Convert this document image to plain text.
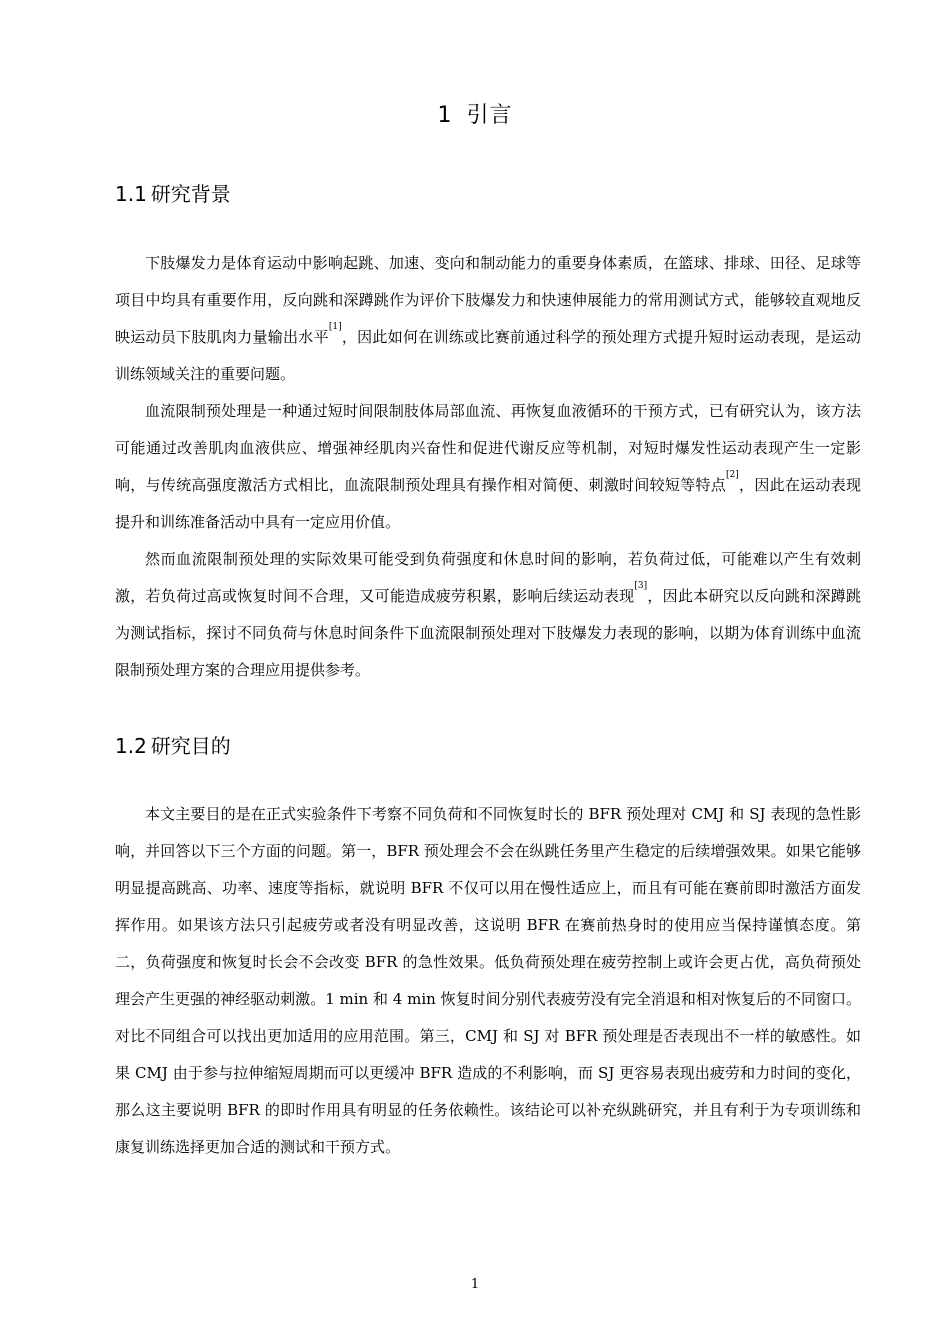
1 引言
1.1 研究背景

下肢爆发力是体育运动中影响起跳、加速、变向和制动能力的重要身体素质，在篮球、排球、田径、足球等项目中均具有重要作用，反向跳和深蹲跳作为评价下肢爆发力和快速伸展能力的常用测试方式，能够较直观地反映运动员下肢肌肉力量输出水平[1]，因此如何在训练或比赛前通过科学的预处理方式提升短时运动表现，是运动训练领域关注的重要问题。

血流限制预处理是一种通过短时间限制肢体局部血流、再恢复血液循环的干预方式，已有研究认为，该方法可能通过改善肌肉血液供应、增强神经肌肉兴奋性和促进代谢反应等机制，对短时爆发性运动表现产生一定影响，与传统高强度激活方式相比，血流限制预处理具有操作相对简便、刺激时间较短等特点[2]，因此在运动表现提升和训练准备活动中具有一定应用价值。

然而血流限制预处理的实际效果可能受到负荷强度和休息时间的影响，若负荷过低，可能难以产生有效刺激，若负荷过高或恢复时间不合理，又可能造成疲劳积累，影响后续运动表现[3]，因此本研究以反向跳和深蹲跳为测试指标，探讨不同负荷与休息时间条件下血流限制预处理对下肢爆发力表现的影响，以期为体育训练中血流限制预处理方案的合理应用提供参考。

1.2 研究目的

本文主要目的是在正式实验条件下考察不同负荷和不同恢复时长的 BFR 预处理对 CMJ 和 SJ 表现的急性影响，并回答以下三个方面的问题。第一，BFR 预处理会不会在纵跳任务里产生稳定的后续增强效果。如果它能够明显提高跳高、功率、速度等指标，就说明 BFR 不仅可以用在慢性适应上，而且有可能在赛前即时激活方面发挥作用。如果该方法只引起疲劳或者没有明显改善，这说明 BFR 在赛前热身时的使用应当保持谨慎态度。第二，负荷强度和恢复时长会不会改变 BFR 的急性效果。低负荷预处理在疲劳控制上或许会更占优，高负荷预处理会产生更强的神经驱动刺激。1 min 和 4 min 恢复时间分别代表疲劳没有完全消退和相对恢复后的不同窗口。对比不同组合可以找出更加适用的应用范围。第三，CMJ 和 SJ 对 BFR 预处理是否表现出不一样的敏感性。如果 CMJ 由于参与拉伸缩短周期而可以更缓冲 BFR 造成的不利影响，而 SJ 更容易表现出疲劳和力时间的变化，那么这主要说明 BFR 的即时作用具有明显的任务依赖性。该结论可以补充纵跳研究，并且有利于为专项训练和康复训练选择更加合适的测试和干预方式。

1
